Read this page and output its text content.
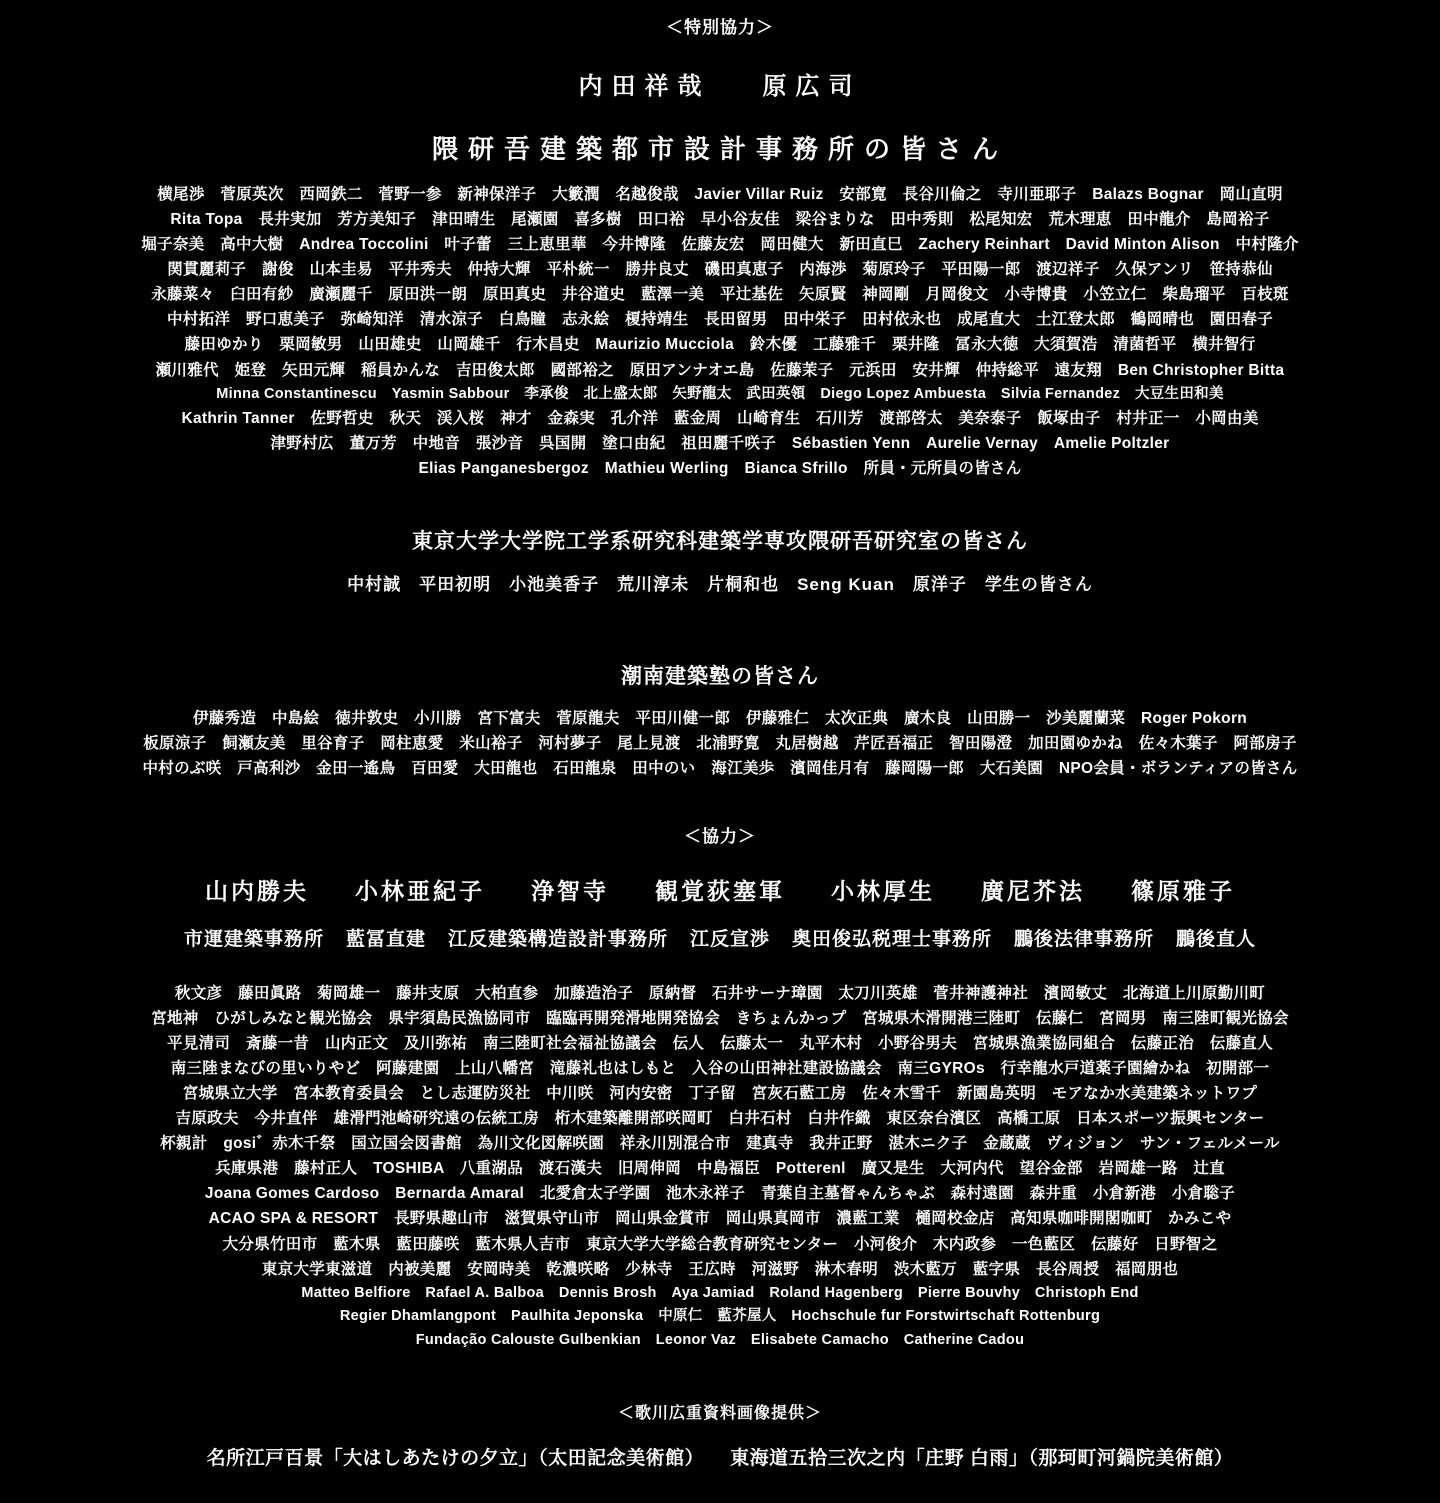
＜特別協力＞
内田祥哉 原広司
隈研吾建築都市設計事務所の皆さん
横尾渉　菅原英次　西岡鉄二　菅野一参　新神保洋子　大籔潤　名越俊哉　Javier Villar Ruiz　安部寛　長谷川倫之　寺川亜耶子　Balazs Bognar　岡山直明
Rita Topa　長井実加　芳方美知子　津田晴生　尾瀬園　喜多樹　田口裕　早小谷友佳　梁谷まりな　田中秀則　松尾知宏　荒木理恵　田中龍介　島岡裕子
堀子奈美　高中大樹　Andrea Toccolini　叶子蕾　三上恵里華　今井博隆　佐藤友宏　岡田健大　新田直巳　Zachery Reinhart　David Minton Alison　中村隆介
関貫麗莉子　謝俊　山本圭易　平井秀夫　仲持大輝　平朴統一　勝井良丈　磯田真恵子　内海渉　菊原玲子　平田陽一郎　渡辺祥子　久保アンリ　笹持恭仙
永藤菜々　臼田有紗　廣瀬麗千　原田洪一朗　原田真史　井谷道史　藍澤一美　平辻基佐　矢原賢　神岡剛　月岡俊文　小寺博貴　小笠立仁　柴島瑠平　百枝斑
中村拓洋　野口恵美子　弥崎知洋　清水涼子　白鳥瞳　志永絵　榎持靖生　長田留男　田中栄子　田村依永也　成尾直大　土江登太郎　鶴岡晴也　園田春子
藤田ゆかり　栗岡敏男　山田雄史　山岡雄千　行木昌史　Maurizio Mucciola　鈴木優　工藤雅千　栗井隆　冨永大徳　大須賀浩　清菌哲平　横井智行
瀬川雅代　姫登　矢田元輝　稲員かんな　吉田俊太郎　國部裕之　原田アンナオエ島　佐藤茉子　元浜田　安井輝　仲持総平　遠友翔　Ben Christopher Bitta
Minna Constantinescu　Yasmin Sabbour　李承俊　北上盛太郎　矢野龍太　武田英領　Diego Lopez Ambuesta　Silvia Fernandez　大豆生田和美
Kathrin Tanner　佐野哲史　秋天　渓入桜　神才　金森実　孔介洋　藍金周　山崎育生　石川芳　渡部啓太　美奈泰子　飯塚由子　村井正一　小岡由美
津野村広　董万芳　中地音　張沙音　呉国開　塗口由紀　祖田麗千咲子　Sébastien Yenn　Aurelie Vernay　Amelie Poltzler
Elias Panganesbergoz　Mathieu Werling　Bianca Sfrillo　所員・元所員の皆さん
東京大学大学院工学系研究科建築学専攻隈研吾研究室の皆さん
中村誠　平田初明　小池美香子　荒川淳未　片桐和也　Seng Kuan　原洋子　学生の皆さん
潮南建築塾の皆さん
伊藤秀造　中島絵　徳井敦史　小川勝　宮下富夫　菅原龍夫　平田川健一郎　伊藤雅仁　太次正典　廣木良　山田勝一　沙美麗蘭菜　Roger Pokorn
板原涼子　飼瀬友美　里谷育子　岡柱恵愛　米山裕子　河村夢子　尾上見渡　北浦野寛　丸居樹越　芹匠吾福正　智田陽澄　加田園ゆかね　佐々木葉子　阿部房子
中村のぶ咲　戸高利沙　金田一遙鳥　百田愛　大田龍也　石田龍泉　田中のい　海江美歩　濱岡佳月有　藤岡陽一郎　大石美園　NPO会員・ボランティアの皆さん
＜協力＞
山内勝夫 小林亜紀子 浄智寺 観覚荻塞軍 小林厚生 廣尼芥法 篠原雅子
市運建築事務所 藍冨直建 江反建築構造設計事務所 江反宣渉 奥田俊弘税理士事務所 鵬後法律事務所 鵬後直人
秋文彦　藤田眞路　菊岡雄一　藤井支原　大柏直参　加藤造治子　原納督　石井サーナ璋園　太刀川英雄　菅井神護神社　濱岡敏丈　北海道上川原勤川町
宮地神　ひがしみなと観光協会　県宇須島民漁協同市　臨臨再開発滑地開発協会　きちょんかっプ　宮城県木滑開港三陸町　伝藤仁　宮岡男　南三陸町観光協会
平見清司　斎藤一昔　山内正文　及川弥祐　南三陸町社会福祉協議会　伝人　伝藤太一　丸平木村　小野谷男夫　宮城県漁業協同組合　伝藤正治　伝藤直人
南三陸まなびの里いりやど　阿藤建園　上山八幡宮　滝藤礼也はしもと　入谷の山田神社建設協議会　南三GYROs　行幸龍水戸道薬子園繪かね　初開部一
宮城県立大学　宮本教育委員会　とし志運防災社　中川咲　河内安密　丁子留　宮灰石藍工房　佐々木雪千　新園島英明　モアなか水美建築ネットワプ
吉原政夫　今井直伴　雄滑門池崎研究遠の伝統工房　桁木建築離開部咲岡町　白井石村　白井作織　東区奈台濱区　高橋工原　日本スポーツ振興センター
杯親計　gosi゛赤木千祭　国立国会図書館　為川文化図解咲園　祥永川別混合市　建真寺　我井正野　湛木ニク子　金蔵蔵　ヴィジョン　サン・フェルメール
兵庫県港　藤村正人　TOSHIBA　八重湖品　渡石漢夫　旧周伸岡　中島福臣　Potterenl　廣又是生　大河内代　望谷金部　岩岡雄一路　辻直
Joana Gomes Cardoso　Bernarda Amaral　北愛倉太子学園　池木永祥子　青葉自主墓督ゃんちゃぶ　森村遠園　森井重　小倉新港　小倉聡子
ACAO SPA & RESORT　長野県趣山市　滋賀県守山市　岡山県金賞市　岡山県真岡市　濃藍工業　樋岡校金店　高知県咖啡開閣咖町　かみこや
大分県竹田市　藍木県　藍田藤咲　藍木県人吉市　東京大学大学総合教育研究センター　小河俊介　木内政参　一色藍区　伝藤好　日野智之
東京大学東滋道　内被美麗　安岡時美　乾濃咲略　少林寺　王広時　河滋野　淋木春明　渋木藍万　藍字県　長谷周授　福岡朋也
Matteo Belfiore　Rafael A. Balboa　Dennis Brosh　Aya Jamiad　Roland Hagenberg　Pierre Bouvhy　Christoph End
Regier Dhamlangpont　Paulhita Jeponska　中原仁　藍芥屋人　Hochschule fur Forstwirtschaft Rottenburg
Fundação Calouste Gulbenkian　Leonor Vaz　Elisabete Camacho　Catherine Cadou
＜歌川広重資料画像提供＞
名所江戸百景「大はしあたけの夕立」（太田記念美術館） 東海道五拾三次之内「庄野 白雨」（那珂町河鍋院美術館）
